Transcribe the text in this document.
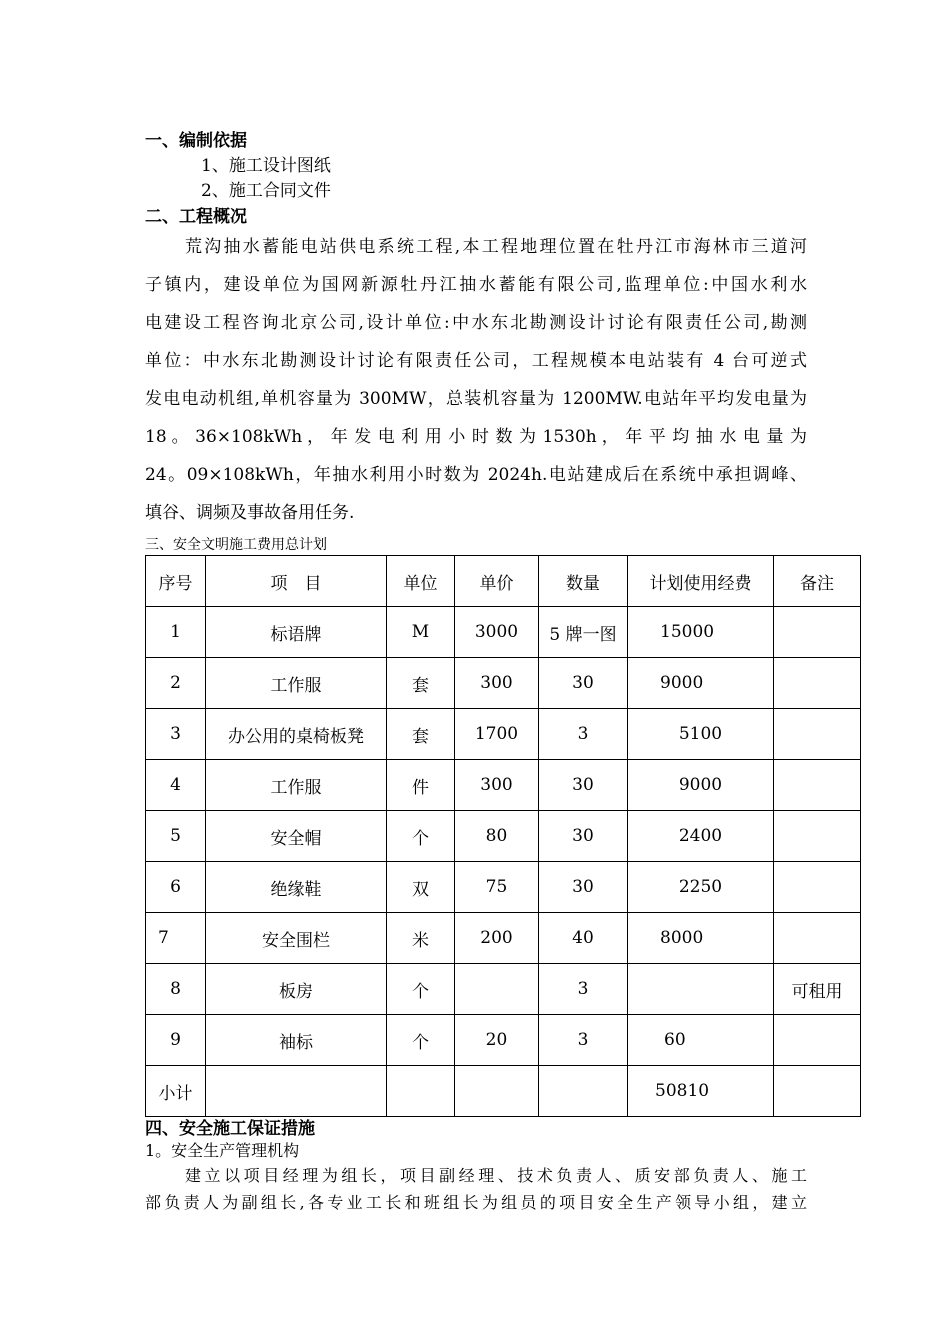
一、编制依据
1、施工设计图纸
2、施工合同文件
二、工程概况

荒沟抽水蓄能电站供电系统工程,本工程地理位置在牡丹江市海林市三道河

子镇内，建设单位为国网新源牡丹江抽水蓄能有限公司,监理单位:中国水利水

电建设工程咨询北京公司,设计单位:中水东北勘测设计讨论有限责任公司,勘测

单位：中水东北勘测设计讨论有限责任公司，工程规模本电站装有 4 台可逆式

发电电动机组,单机容量为 300MW，总装机容量为 1200MW.电站年平均发电量为

18 。 36×108kWh ， 年 发 电 利 用 小 时 数 为 1530h ， 年 平 均 抽 水 电 量 为

24。09×108kWh，年抽水利用小时数为 2024h.电站建成后在系统中承担调峰、

填谷、调频及事故备用任务.

三、安全文明施工费用总计划
序号	项　目	单位	单价	数量	计划使用经费	备注
1	标语牌	M	3000	5 牌一图	15000	
2	工作服	套	300	30	9000	
3	办公用的桌椅板凳	套	1700	3	5100	
4	工作服	件	300	30	9000	
5	安全帽	个	80	30	2400	
6	绝缘鞋	双	75	30	2250	
7	安全围栏	米	200	40	8000	
8	板房	个		3		可租用
9	袖标	个	20	3	60	
小计					50810	
四、安全施工保证措施
1。安全生产管理机构

建立以项目经理为组长，项目副经理、技术负责人、质安部负责人、施工

部负责人为副组长,各专业工长和班组长为组员的项目安全生产领导小组，建立
